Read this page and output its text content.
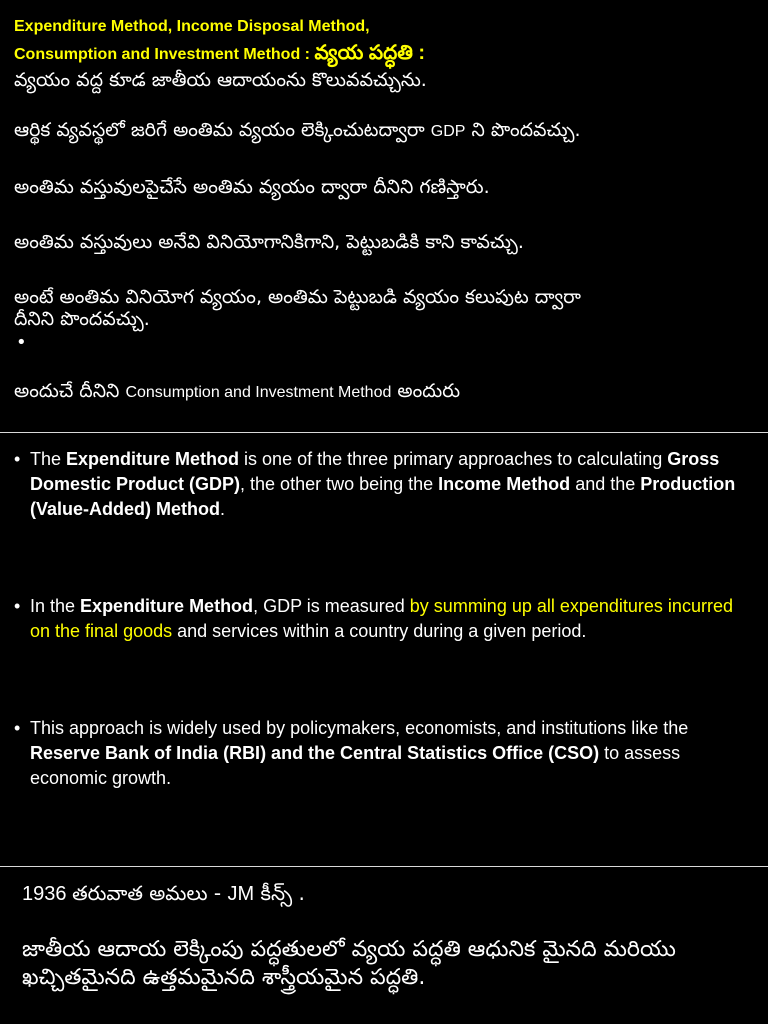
Expenditure Method, Income Disposal Method,
Consumption and Investment Method : వ్యయ పద్ధతి :

వ్యయం వద్ద కూడ జాతీయ ఆదాయంను కొలువవచ్చును.

ఆర్థిక వ్యవస్థలో జరిగే అంతిమ వ్యయం లెక్కించుటద్వారా GDP ని పొందవచ్చు.

అంతిమ వస్తువులపైచేసే అంతిమ వ్యయం ద్వారా దీనిని గణిస్తారు.

అంతిమ వస్తువులు అనేవి వినియోగానికిగాని, పెట్టుబడికి కాని కావచ్చు.

అంటే అంతిమ వినియోగ వ్యయం, అంతిమ పెట్టుబడి వ్యయం కలుపుట ద్వారా

దీనిని పొందవచ్చు.

•

అందుచే దీనిని Consumption and Investment Method అందురు

• The Expenditure Method is one of the three primary approaches to calculating Gross Domestic Product (GDP), the other two being the Income Method and the Production (Value-Added) Method.

• In the Expenditure Method, GDP is measured by summing up all expenditures incurred on the final goods and services within a country during a given period.

• This approach is widely used by policymakers, economists, and institutions like the Reserve Bank of India (RBI) and the Central Statistics Office (CSO) to assess economic growth.

1936 తరువాత అమలు - JM కీన్స్ .

జాతీయ ఆదాయ లెక్కింపు పద్ధతులలో వ్యయ పద్ధతి ఆధునిక మైనది మరియు ఖచ్చితమైనది ఉత్తమమైనది శాస్త్రీయమైన పద్ధతి.
